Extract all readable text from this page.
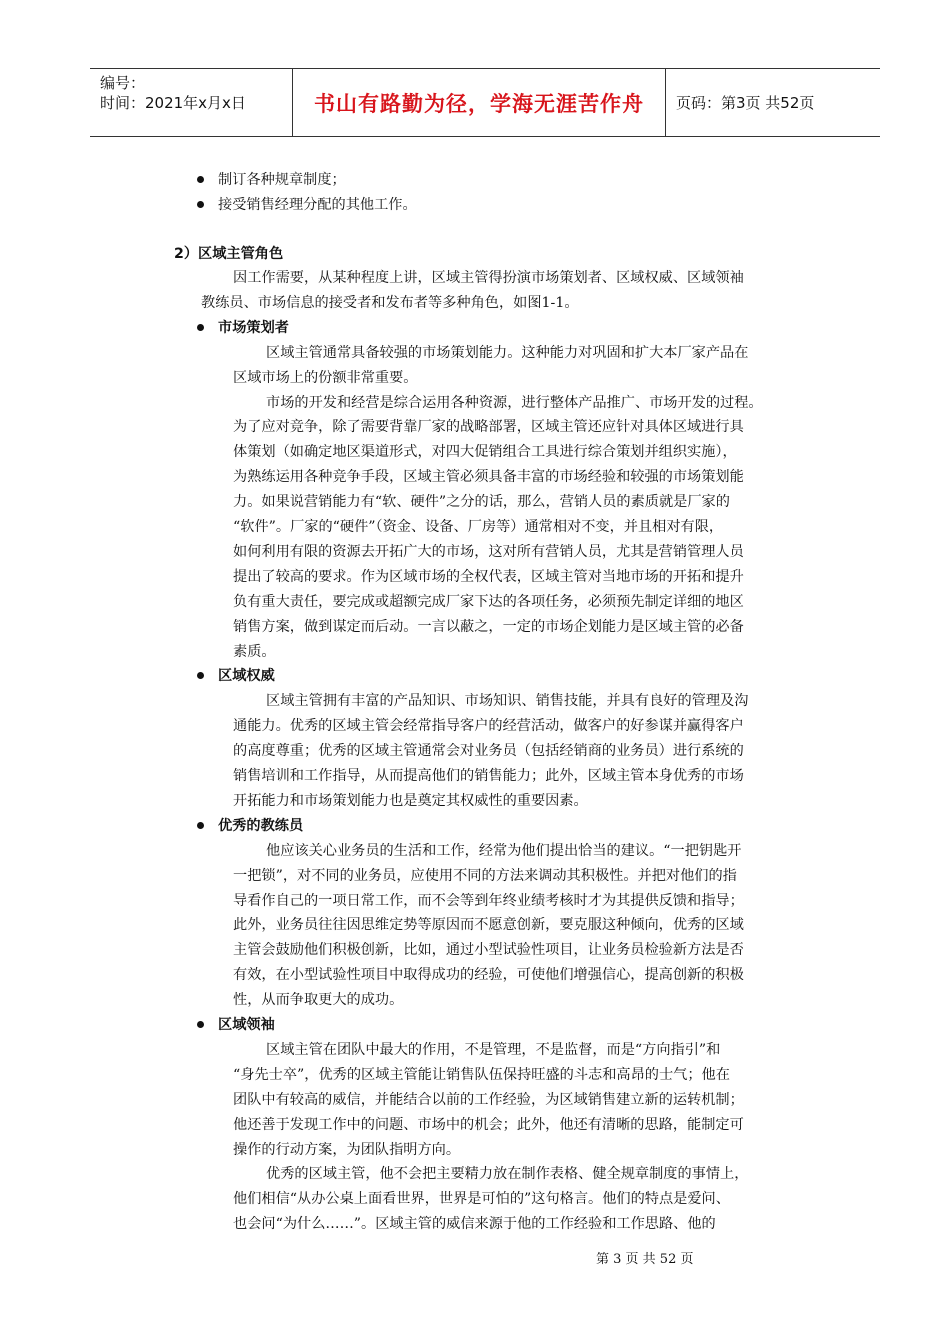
编号：
时间：2021年x月x日	书山有路勤为径，学海无涯苦作舟	页码：第3页 共52页
制订各种规章制度；
接受销售经理分配的其他工作。
2）区域主管角色
因工作需要，从某种程度上讲，区域主管得扮演市场策划者、区域权威、区域领袖
教练员、市场信息的接受者和发布者等多种角色，如图1-1。
市场策划者
区域主管通常具备较强的市场策划能力。这种能力对巩固和扩大本厂家产品在
区域市场上的份额非常重要。
市场的开发和经营是综合运用各种资源，进行整体产品推广、市场开发的过程。
为了应对竞争，除了需要背靠厂家的战略部署，区域主管还应针对具体区域进行具
体策划（如确定地区渠道形式，对四大促销组合工具进行综合策划并组织实施），
为熟练运用各种竞争手段，区域主管必须具备丰富的市场经验和较强的市场策划能
力。如果说营销能力有“软、硬件”之分的话，那么，营销人员的素质就是厂家的
“软件”。厂家的“硬件”（资金、设备、厂房等）通常相对不变，并且相对有限，
如何利用有限的资源去开拓广大的市场，这对所有营销人员，尤其是营销管理人员
提出了较高的要求。作为区域市场的全权代表，区域主管对当地市场的开拓和提升
负有重大责任，要完成或超额完成厂家下达的各项任务，必须预先制定详细的地区
销售方案，做到谋定而后动。一言以蔽之，一定的市场企划能力是区域主管的必备
素质。
区域权威
区域主管拥有丰富的产品知识、市场知识、销售技能，并具有良好的管理及沟
通能力。优秀的区域主管会经常指导客户的经营活动，做客户的好参谋并赢得客户
的高度尊重；优秀的区域主管通常会对业务员（包括经销商的业务员）进行系统的
销售培训和工作指导，从而提高他们的销售能力；此外，区域主管本身优秀的市场
开拓能力和市场策划能力也是奠定其权威性的重要因素。
优秀的教练员
他应该关心业务员的生活和工作，经常为他们提出恰当的建议。“一把钥匙开
一把锁”，对不同的业务员，应使用不同的方法来调动其积极性。并把对他们的指
导看作自己的一项日常工作，而不会等到年终业绩考核时才为其提供反馈和指导；
此外，业务员往往因思维定势等原因而不愿意创新，要克服这种倾向，优秀的区域
主管会鼓励他们积极创新，比如，通过小型试验性项目，让业务员检验新方法是否
有效，在小型试验性项目中取得成功的经验，可使他们增强信心，提高创新的积极
性，从而争取更大的成功。
区域领袖
区域主管在团队中最大的作用，不是管理，不是监督，而是“方向指引”和
“身先士卒”，优秀的区域主管能让销售队伍保持旺盛的斗志和高昂的士气；他在
团队中有较高的威信，并能结合以前的工作经验，为区域销售建立新的运转机制；
他还善于发现工作中的问题、市场中的机会；此外，他还有清晰的思路，能制定可
操作的行动方案，为团队指明方向。
优秀的区域主管，他不会把主要精力放在制作表格、健全规章制度的事情上，
他们相信“从办公桌上面看世界，世界是可怕的”这句格言。他们的特点是爱问、
也会问“为什么……”。区域主管的威信来源于他的工作经验和工作思路、他的
第 3 页 共 52 页
